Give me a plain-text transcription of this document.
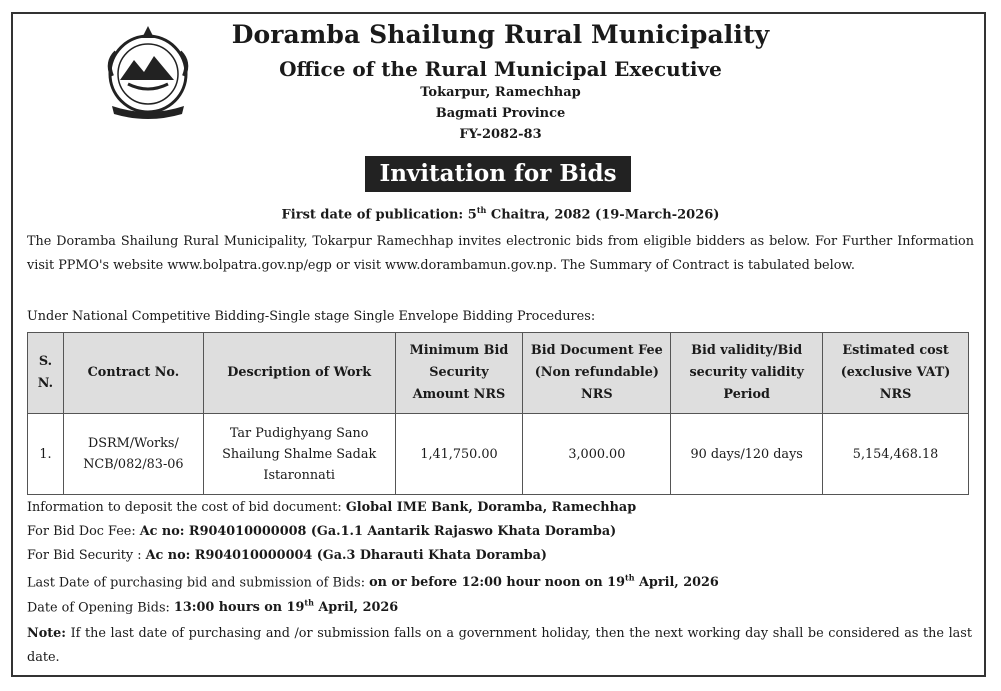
Doramba Shailung Rural Municipality
Office of the Rural Municipal Executive
Tokarpur, Ramechhap
Bagmati Province
FY-2082-83
Invitation for Bids
First date of publication: 5th Chaitra, 2082 (19-March-2026)
The Doramba Shailung Rural Municipality, Tokarpur Ramechhap invites electronic bids from eligible bidders as below. For Further Information visit PPMO's website www.bolpatra.gov.np/egp or visit www.dorambamun.gov.np. The Summary of Contract is tabulated below.
Under National Competitive Bidding-Single stage Single Envelope Bidding Procedures:
S. N.	Contract No.	Description of Work	Minimum Bid Security Amount NRS	Bid Document Fee (Non refundable) NRS	Bid validity/Bid security validity Period	Estimated cost (exclusive VAT) NRS
1.	DSRM/Works/ NCB/082/83-06	Tar Pudighyang Sano Shailung Shalme Sadak Istaronnati	1,41,750.00	3,000.00	90 days/120 days	5,154,468.18
Information to deposit the cost of bid document: Global IME Bank, Doramba, Ramechhap
For Bid Doc Fee: Ac no: R904010000008 (Ga.1.1 Aantarik Rajaswo Khata Doramba)
For Bid Security : Ac no: R904010000004 (Ga.3 Dharauti Khata Doramba)
Last Date of purchasing bid and submission of Bids: on or before 12:00 hour noon on 19th April, 2026
Date of Opening Bids: 13:00 hours on 19th April, 2026
Note: If the last date of purchasing and /or submission falls on a government holiday, then the next working day shall be considered as the last date.
